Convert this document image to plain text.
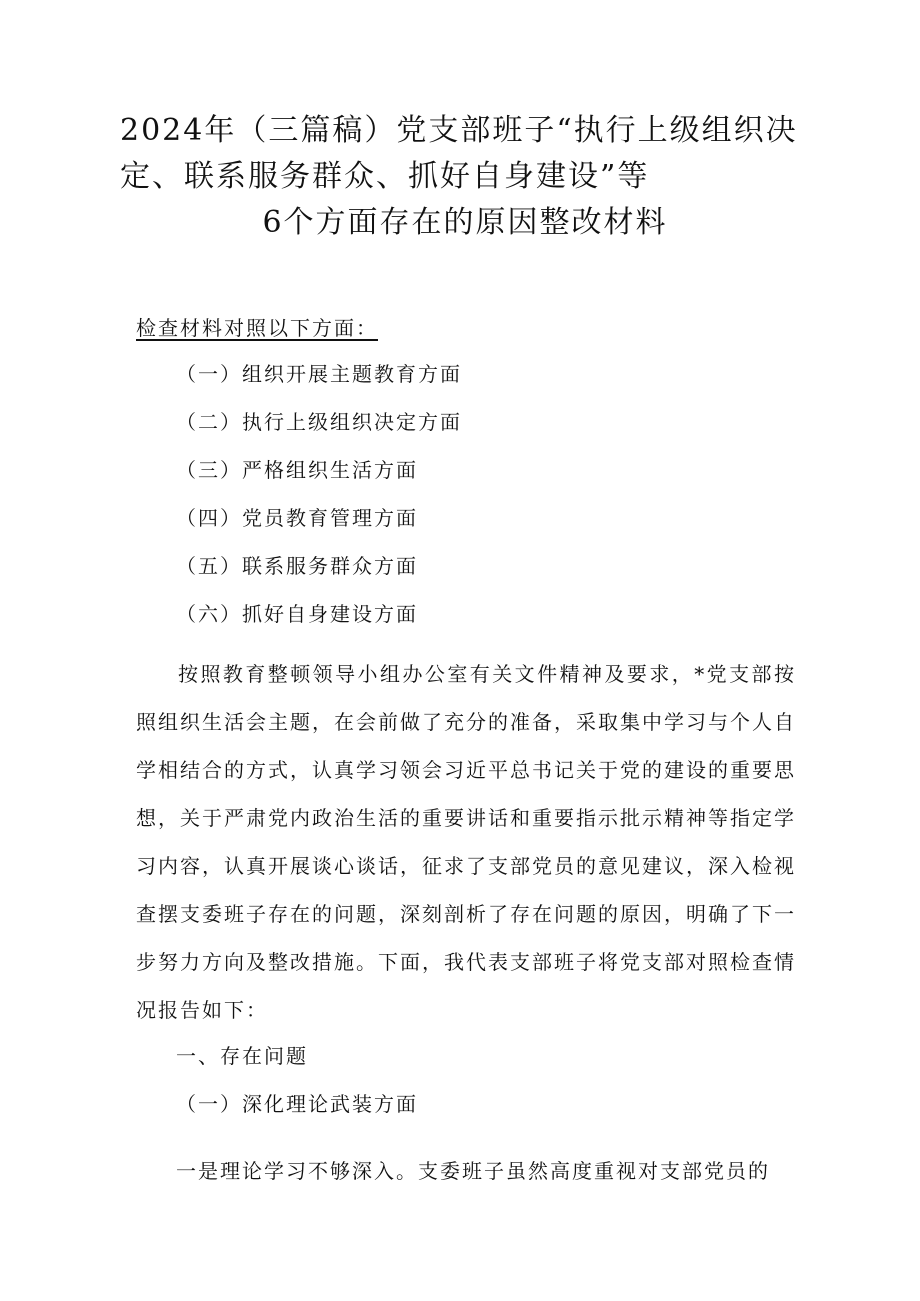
2024年（三篇稿）党支部班子“执行上级组织决
定、联系服务群众、抓好自身建设”等
6个方面存在的原因整改材料

检查材料对照以下方面：

（一）组织开展主题教育方面
（二）执行上级组织决定方面
（三）严格组织生活方面
（四）党员教育管理方面
（五）联系服务群众方面
（六）抓好自身建设方面

按照教育整顿领导小组办公室有关文件精神及要求，*党支部按照组织生活会主题，在会前做了充分的准备，采取集中学习与个人自学相结合的方式，认真学习领会习近平总书记关于党的建设的重要思想，关于严肃党内政治生活的重要讲话和重要指示批示精神等指定学习内容，认真开展谈心谈话，征求了支部党员的意见建议，深入检视查摆支委班子存在的问题，深刻剖析了存在问题的原因，明确了下一步努力方向及整改措施。下面，我代表支部班子将党支部对照检查情况报告如下：

一、存在问题
（一）深化理论武装方面

一是理论学习不够深入。支委班子虽然高度重视对支部党员的
